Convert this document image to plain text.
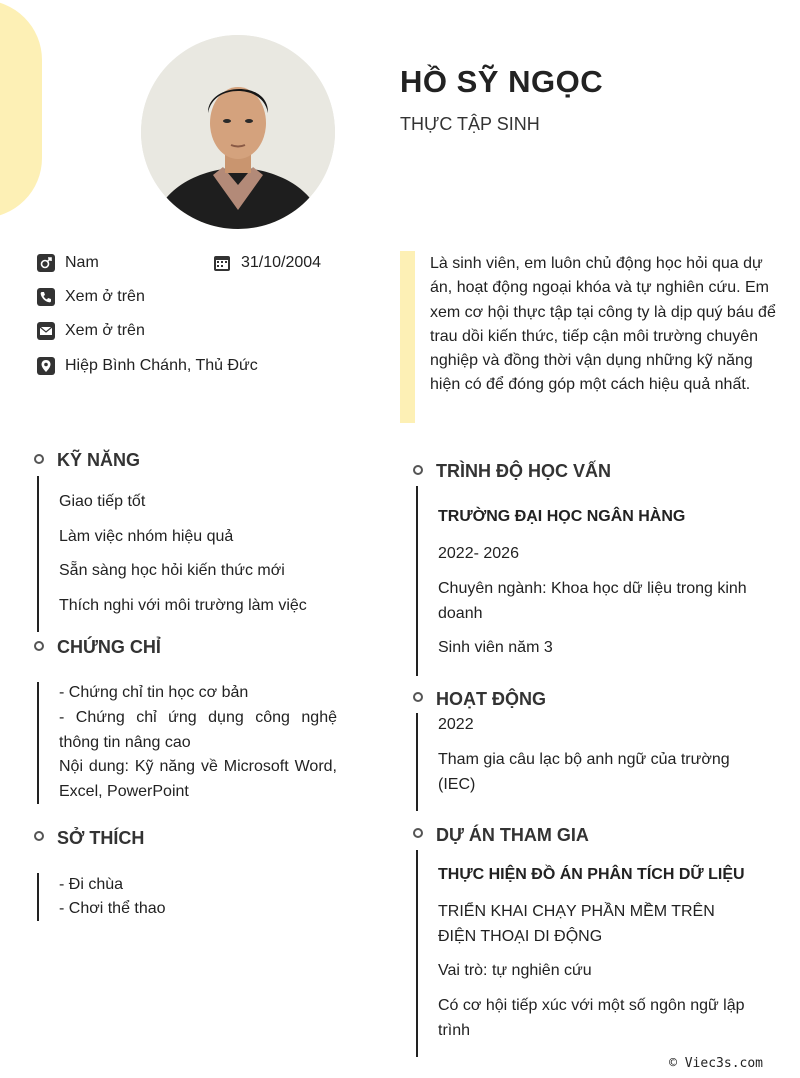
HỒ SỸ NGỌC
THỰC TẬP SINH
Nam	31/10/2004
Xem ở trên
Xem ở trên
Hiệp Bình Chánh, Thủ Đức

Là sinh viên, em luôn chủ động học hỏi qua dự án, hoạt động ngoại khóa và tự nghiên cứu. Em xem cơ hội thực tập tại công ty là dịp quý báu để trau dồi kiến thức, tiếp cận môi trường chuyên nghiệp và đồng thời vận dụng những kỹ năng hiện có để đóng góp một cách hiệu quả nhất.

KỸ NĂNG
Giao tiếp tốt
Làm việc nhóm hiệu quả
Sẵn sàng học hỏi kiến thức mới
Thích nghi với môi trường làm việc
CHỨNG CHỈ
- Chứng chỉ tin học cơ bản
- Chứng chỉ ứng dụng công nghệ thông tin nâng cao
Nội dung: Kỹ năng về Microsoft Word, Excel, PowerPoint
SỞ THÍCH
- Đi chùa
- Chơi thể thao
TRÌNH ĐỘ HỌC VẤN
TRƯỜNG ĐẠI HỌC NGÂN HÀNG
2022- 2026
Chuyên ngành: Khoa học dữ liệu trong kinh doanh
Sinh viên năm 3
HOẠT ĐỘNG
2022
Tham gia câu lạc bộ anh ngữ của trường (IEC)
DỰ ÁN THAM GIA
THỰC HIỆN ĐỒ ÁN PHÂN TÍCH DỮ LIỆU
TRIỂN KHAI CHẠY PHẦN MỀM TRÊN ĐIỆN THOẠI DI ĐỘNG
Vai trò: tự nghiên cứu
Có cơ hội tiếp xúc với một số ngôn ngữ lập trình
© Viec3s.com
